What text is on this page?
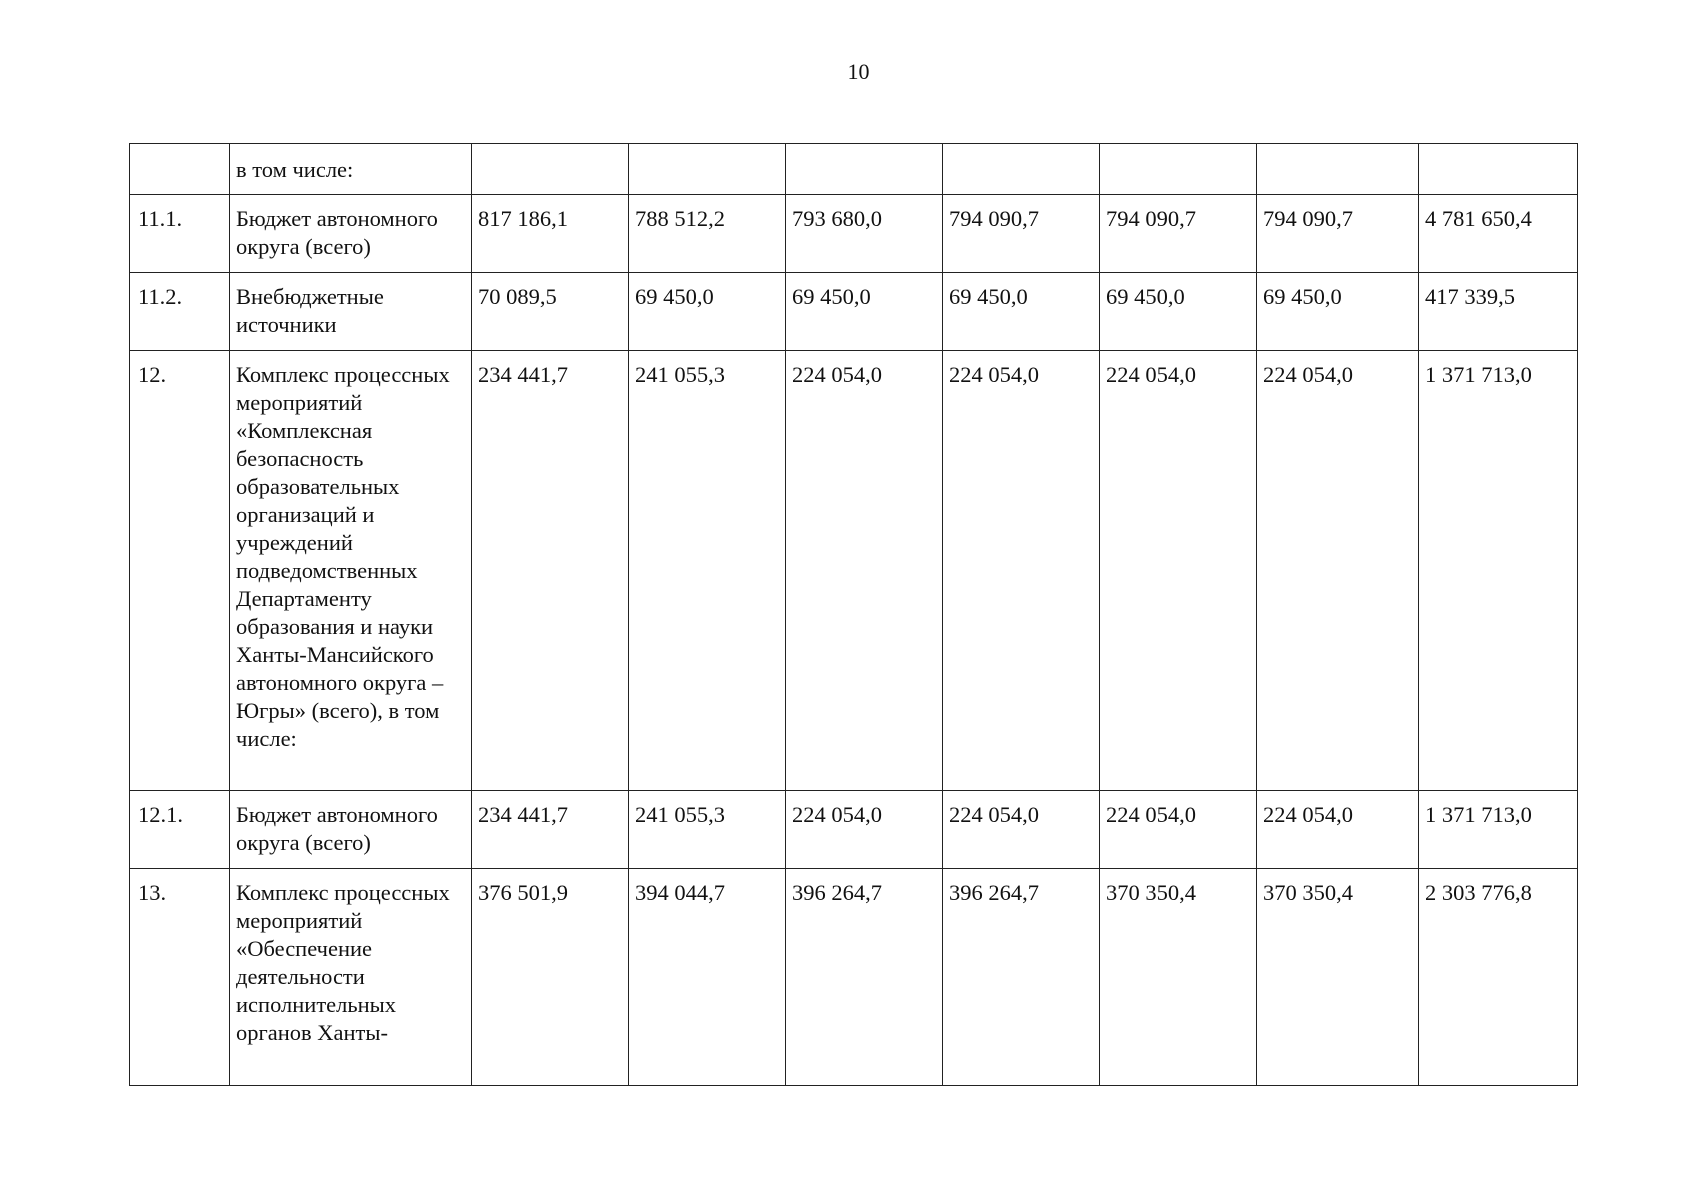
10
	в том числе:							
11.1.	Бюджет автономного округа (всего)	817 186,1	788 512,2	793 680,0	794 090,7	794 090,7	794 090,7	4 781 650,4
11.2.	Внебюджетные источники	70 089,5	69 450,0	69 450,0	69 450,0	69 450,0	69 450,0	417 339,5
12.	Комплекс процессных мероприятий «Комплексная безопасность образовательных организаций и учреждений подведомственных Департаменту образования и науки Ханты-Мансийского автономного округа – Югры» (всего), в том числе:	234 441,7	241 055,3	224 054,0	224 054,0	224 054,0	224 054,0	1 371 713,0
12.1.	Бюджет автономного округа (всего)	234 441,7	241 055,3	224 054,0	224 054,0	224 054,0	224 054,0	1 371 713,0
13.	Комплекс процессных мероприятий «Обеспечение деятельности исполнительных органов Ханты-	376 501,9	394 044,7	396 264,7	396 264,7	370 350,4	370 350,4	2 303 776,8
